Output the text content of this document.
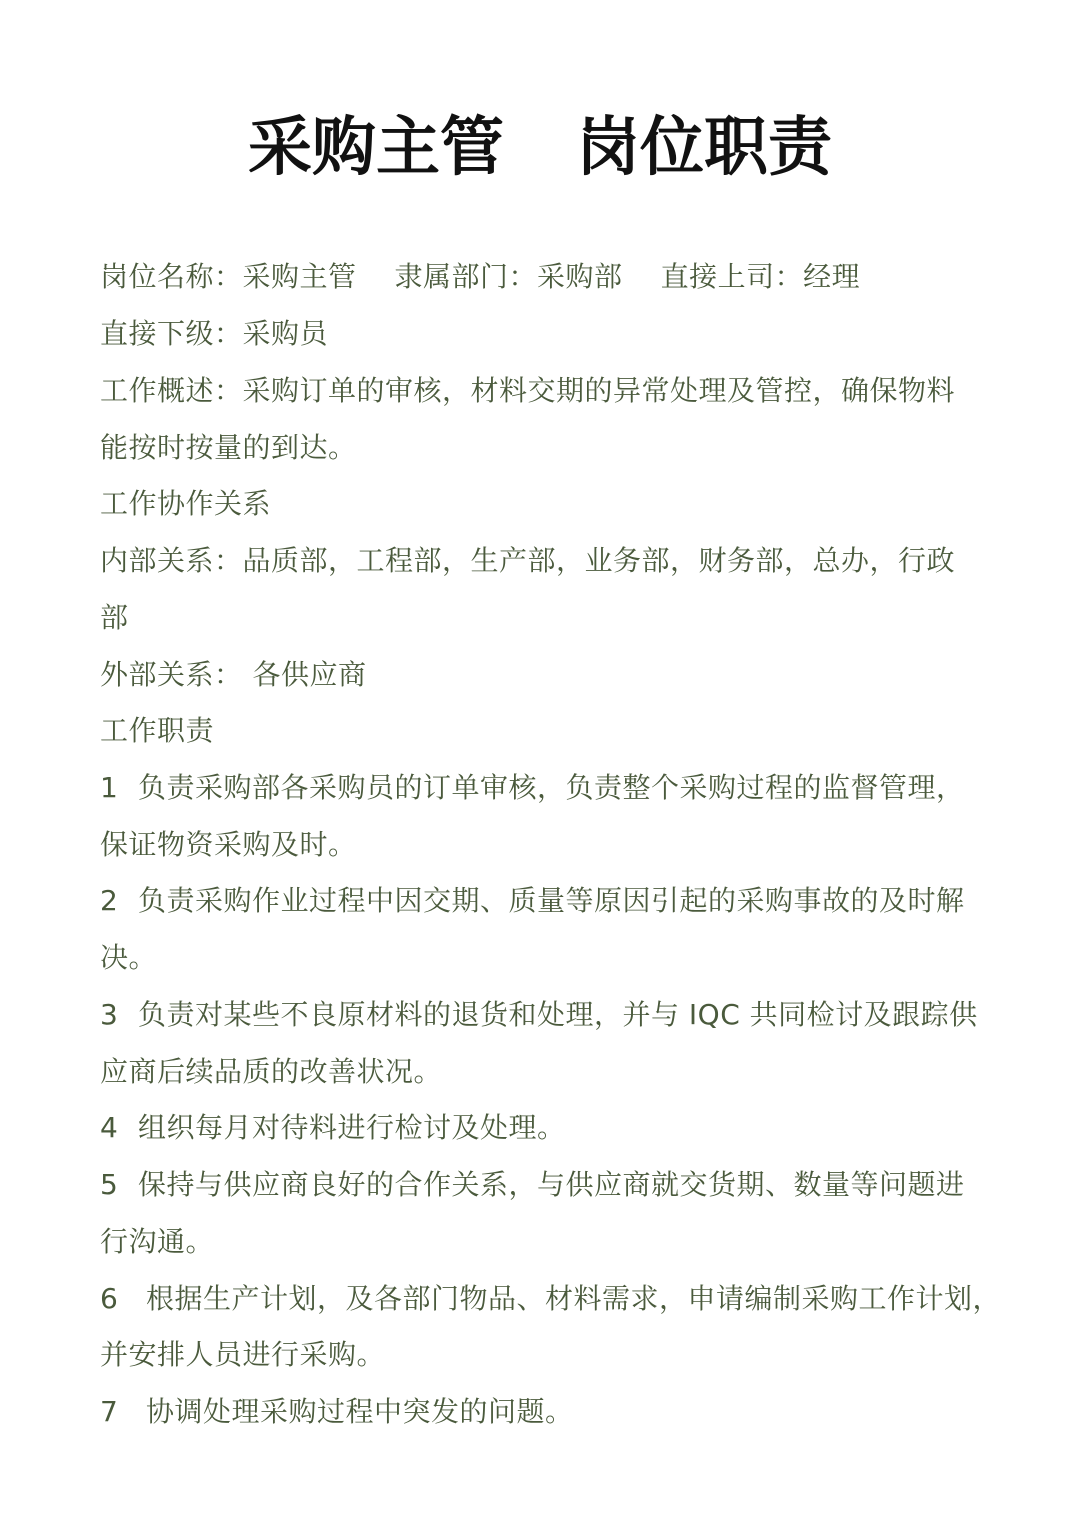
采购主管 岗位职责
岗位名称：采购主管 隶属部门：采购部 直接上司：经理
直接下级：采购员
工作概述：采购订单的审核，材料交期的异常处理及管控，确保物料
能按时按量的到达。
工作协作关系
内部关系：品质部，工程部，生产部，业务部，财务部，总办，行政
部
外部关系： 各供应商
工作职责
1 负责采购部各采购员的订单审核，负责整个采购过程的监督管理，
保证物资采购及时。
2 负责采购作业过程中因交期、质量等原因引起的采购事故的及时解
决。
3 负责对某些不良原材料的退货和处理，并与 IQC 共同检讨及跟踪供
应商后续品质的改善状况。
4 组织每月对待料进行检讨及处理。
5 保持与供应商良好的合作关系，与供应商就交货期、数量等问题进
行沟通。
6 根据生产计划，及各部门物品、材料需求，申请编制采购工作计划，
并安排人员进行采购。
7 协调处理采购过程中突发的问题。
